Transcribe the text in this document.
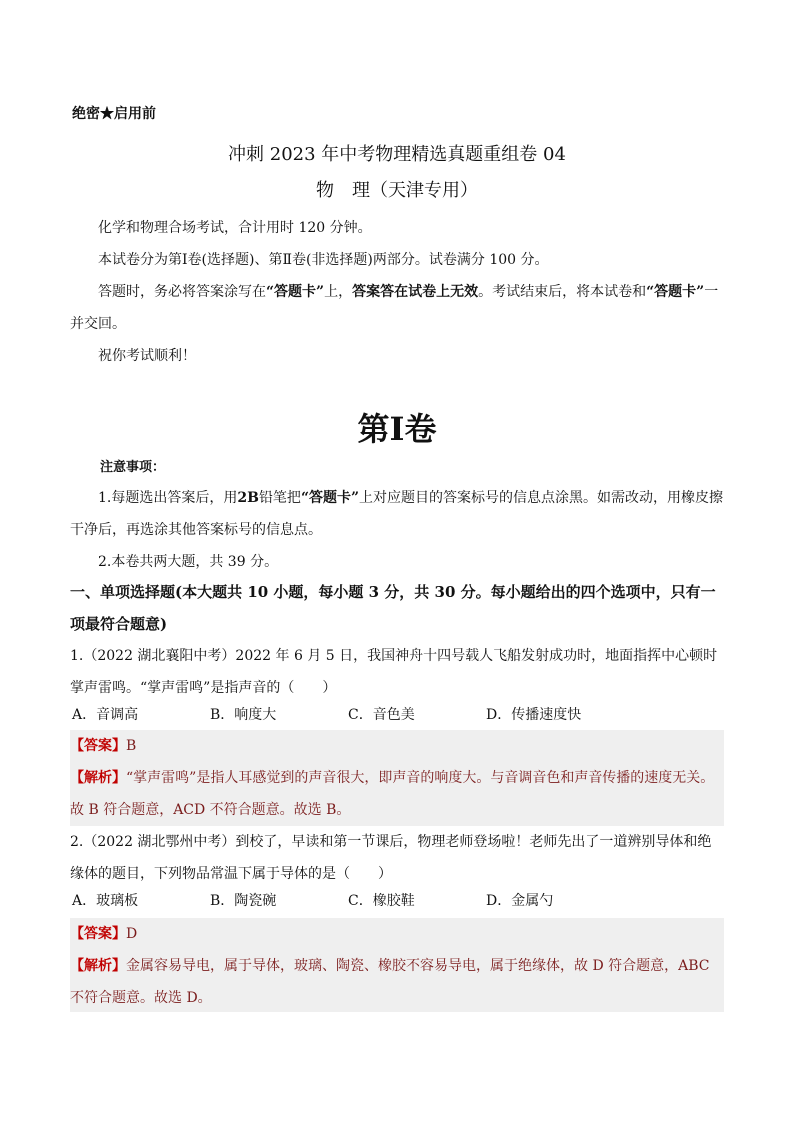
绝密★启用前
冲刺 2023 年中考物理精选真题重组卷 04
物　理（天津专用）
化学和物理合场考试，合计用时 120 分钟。
本试卷分为第Ⅰ卷(选择题)、第Ⅱ卷(非选择题)两部分。试卷满分 100 分。
答题时，务必将答案涂写在“答题卡”上，答案答在试卷上无效。考试结束后，将本试卷和“答题卡”一并交回。
祝你考试顺利！
第Ⅰ卷
注意事项：
1.每题选出答案后，用2B铅笔把“答题卡”上对应题目的答案标号的信息点涂黑。如需改动，用橡皮擦干净后，再选涂其他答案标号的信息点。
2.本卷共两大题，共 39 分。
一、单项选择题(本大题共 10 小题，每小题 3 分，共 30 分。每小题给出的四个选项中，只有一项最符合题意)
1.（2022 湖北襄阳中考）2022 年 6 月 5 日，我国神舟十四号载人飞船发射成功时，地面指挥中心顿时掌声雷鸣。“掌声雷鸣”是指声音的（　　）
A．音调高	B．响度大	C．音色美	D．传播速度快
【答案】B
【解析】“掌声雷鸣”是指人耳感觉到的声音很大，即声音的响度大。与音调音色和声音传播的速度无关。故 B 符合题意，ACD 不符合题意。故选 B。
2.（2022 湖北鄂州中考）到校了，早读和第一节课后，物理老师登场啦！老师先出了一道辨别导体和绝缘体的题目，下列物品常温下属于导体的是（　　）
A．玻璃板	B．陶瓷碗	C．橡胶鞋	D．金属勺
【答案】D
【解析】金属容易导电，属于导体，玻璃、陶瓷、橡胶不容易导电，属于绝缘体，故 D 符合题意，ABC 不符合题意。故选 D。
